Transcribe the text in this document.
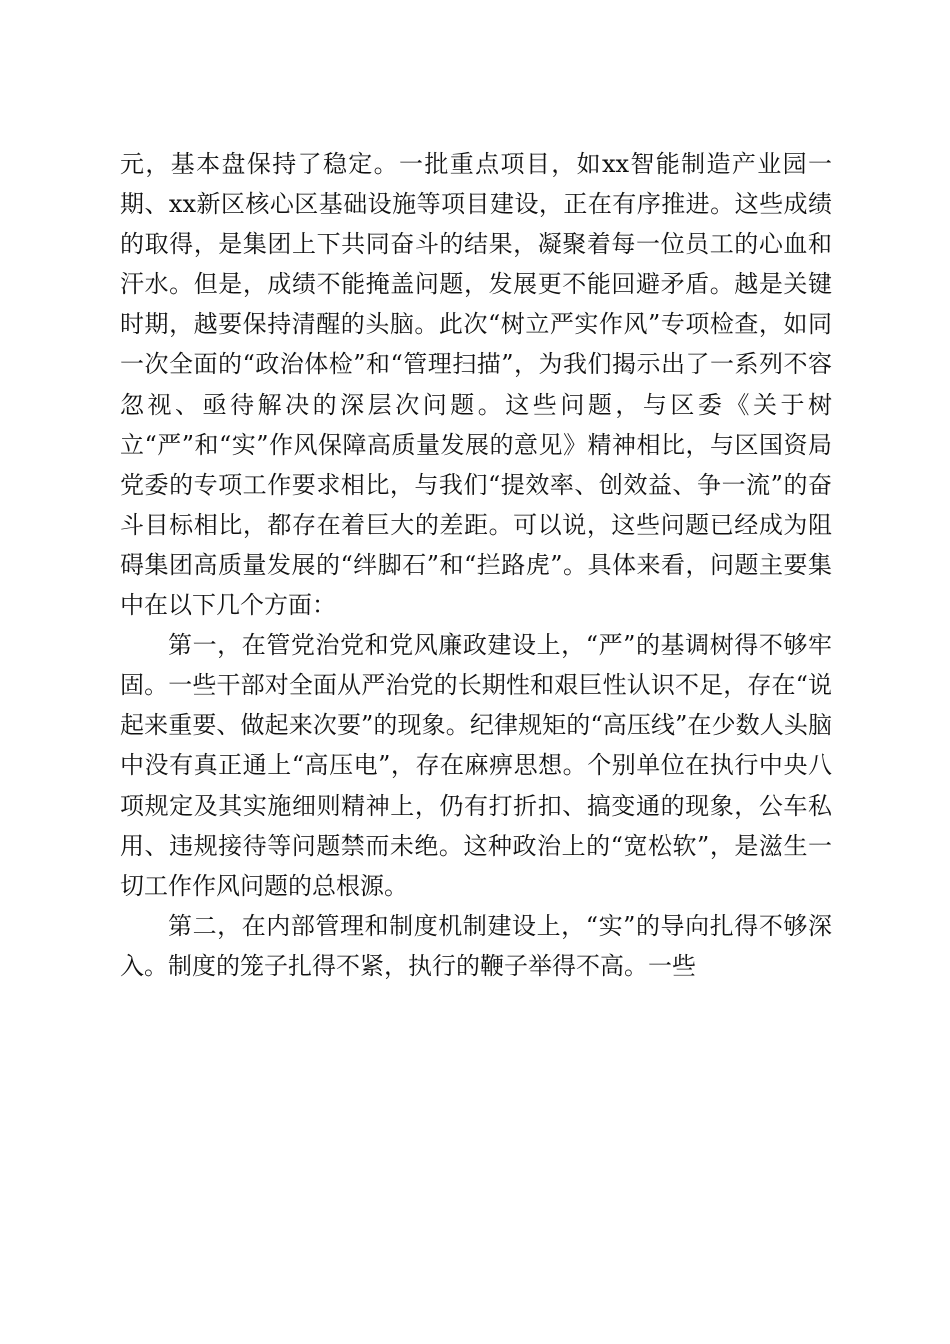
元，基本盘保持了稳定。一批重点项目，如xx智能制造产业园一期、xx新区核心区基础设施等项目建设，正在有序推进。这些成绩的取得，是集团上下共同奋斗的结果，凝聚着每一位员工的心血和汗水。但是，成绩不能掩盖问题，发展更不能回避矛盾。越是关键时期，越要保持清醒的头脑。此次“树立严实作风”专项检查，如同一次全面的“政治体检”和“管理扫描”，为我们揭示出了一系列不容忽视、亟待解决的深层次问题。这些问题，与区委《关于树立“严”和“实”作风保障高质量发展的意见》精神相比，与区国资局党委的专项工作要求相比，与我们“提效率、创效益、争一流”的奋斗目标相比，都存在着巨大的差距。可以说，这些问题已经成为阻碍集团高质量发展的“绊脚石”和“拦路虎”。具体来看，问题主要集中在以下几个方面：

第一，在管党治党和党风廉政建设上，“严”的基调树得不够牢固。一些干部对全面从严治党的长期性和艰巨性认识不足，存在“说起来重要、做起来次要”的现象。纪律规矩的“高压线”在少数人头脑中没有真正通上“高压电”，存在麻痹思想。个别单位在执行中央八项规定及其实施细则精神上，仍有打折扣、搞变通的现象，公车私用、违规接待等问题禁而未绝。这种政治上的“宽松软”，是滋生一切工作作风问题的总根源。

第二，在内部管理和制度机制建设上，“实”的导向扎得不够深入。制度的笼子扎得不紧，执行的鞭子举得不高。一些
